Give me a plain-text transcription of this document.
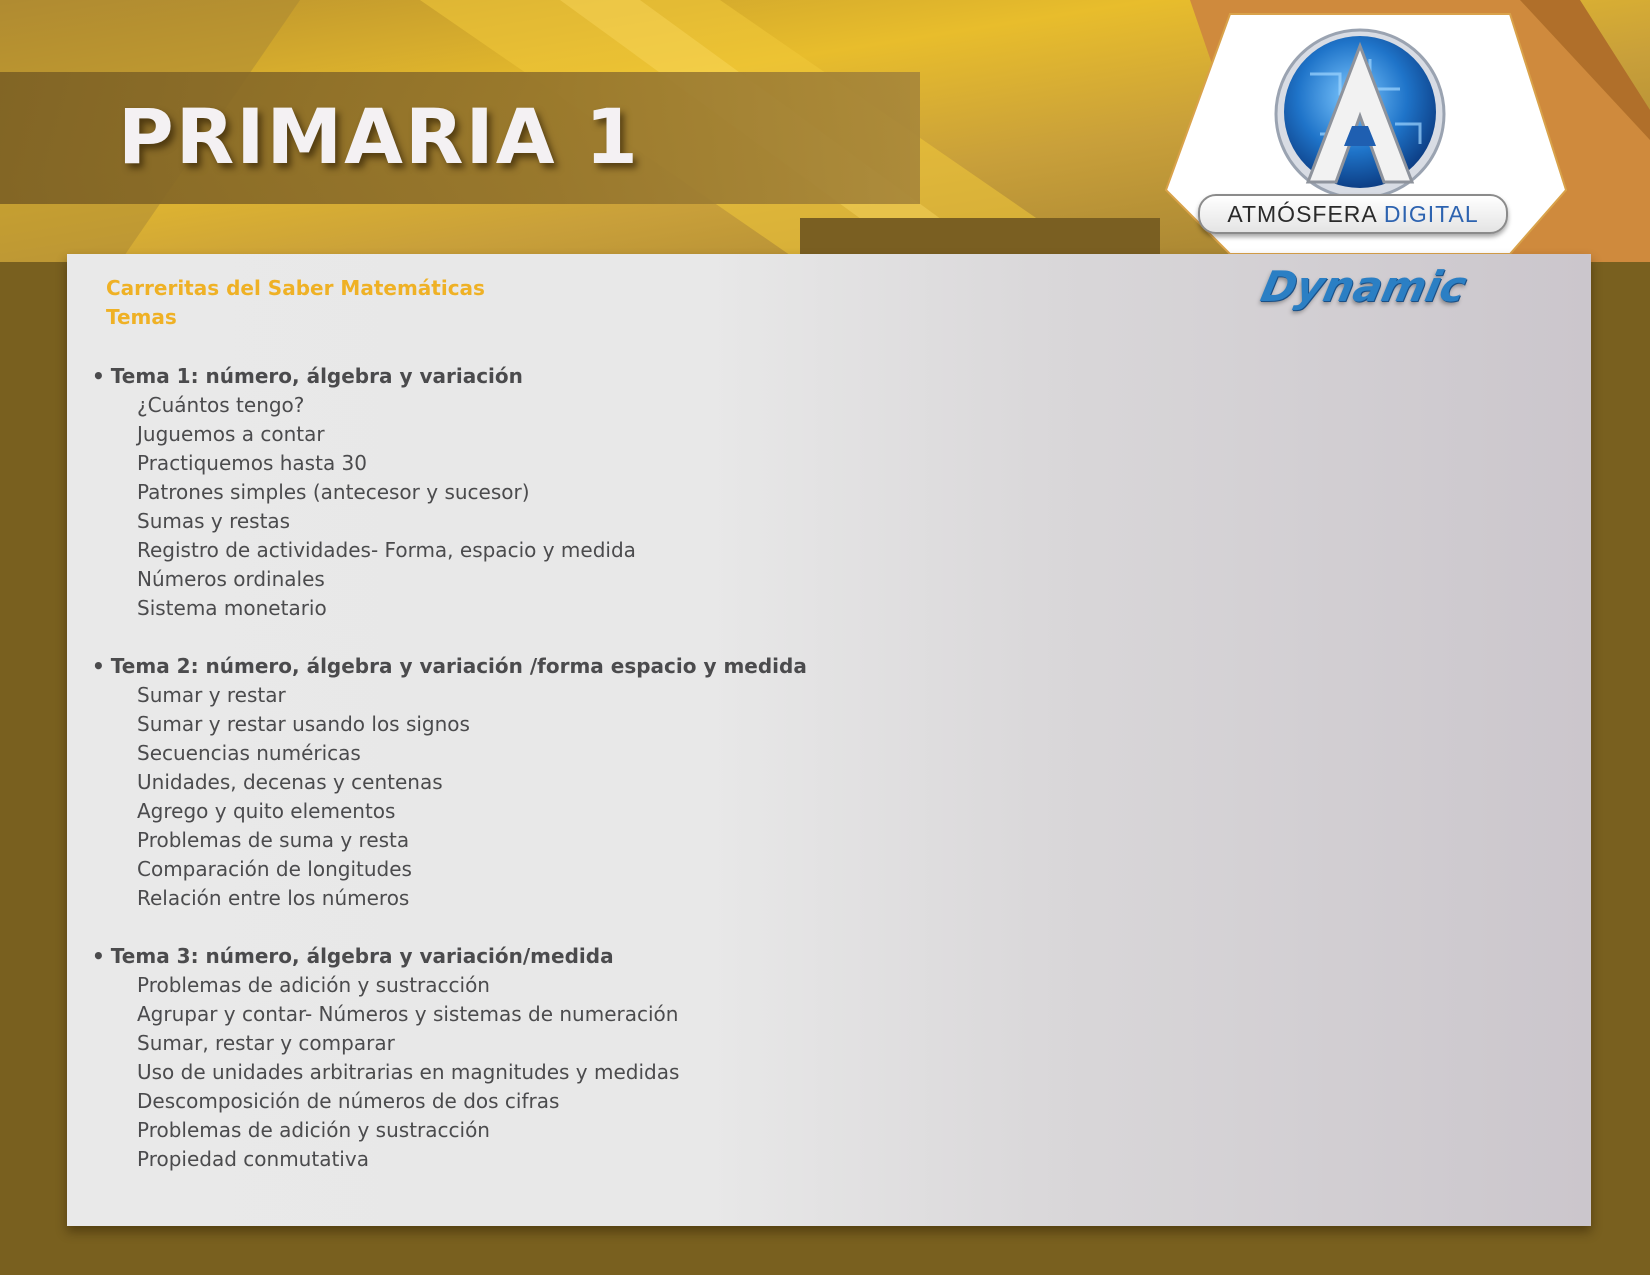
ATMÓSFERA DIGITAL
PRIMARIA 1
Dynamic
Carreritas del Saber Matemáticas
Temas
• Tema 1: número, álgebra y variación
¿Cuántos tengo?
Juguemos a contar
Practiquemos hasta 30
Patrones simples (antecesor y sucesor)
Sumas y restas
Registro de actividades- Forma, espacio y medida
Números ordinales
Sistema monetario
• Tema 2: número, álgebra y variación /forma espacio y medida
Sumar y restar
Sumar y restar usando los signos
Secuencias numéricas
Unidades, decenas y centenas
Agrego y quito elementos
Problemas de suma y resta
Comparación de longitudes
Relación entre los números
• Tema 3: número, álgebra y variación/medida
Problemas de adición y sustracción
Agrupar y contar- Números y sistemas de numeración
Sumar, restar y comparar
Uso de unidades arbitrarias en magnitudes y medidas
Descomposición de números de dos cifras
Problemas de adición y sustracción
Propiedad conmutativa
